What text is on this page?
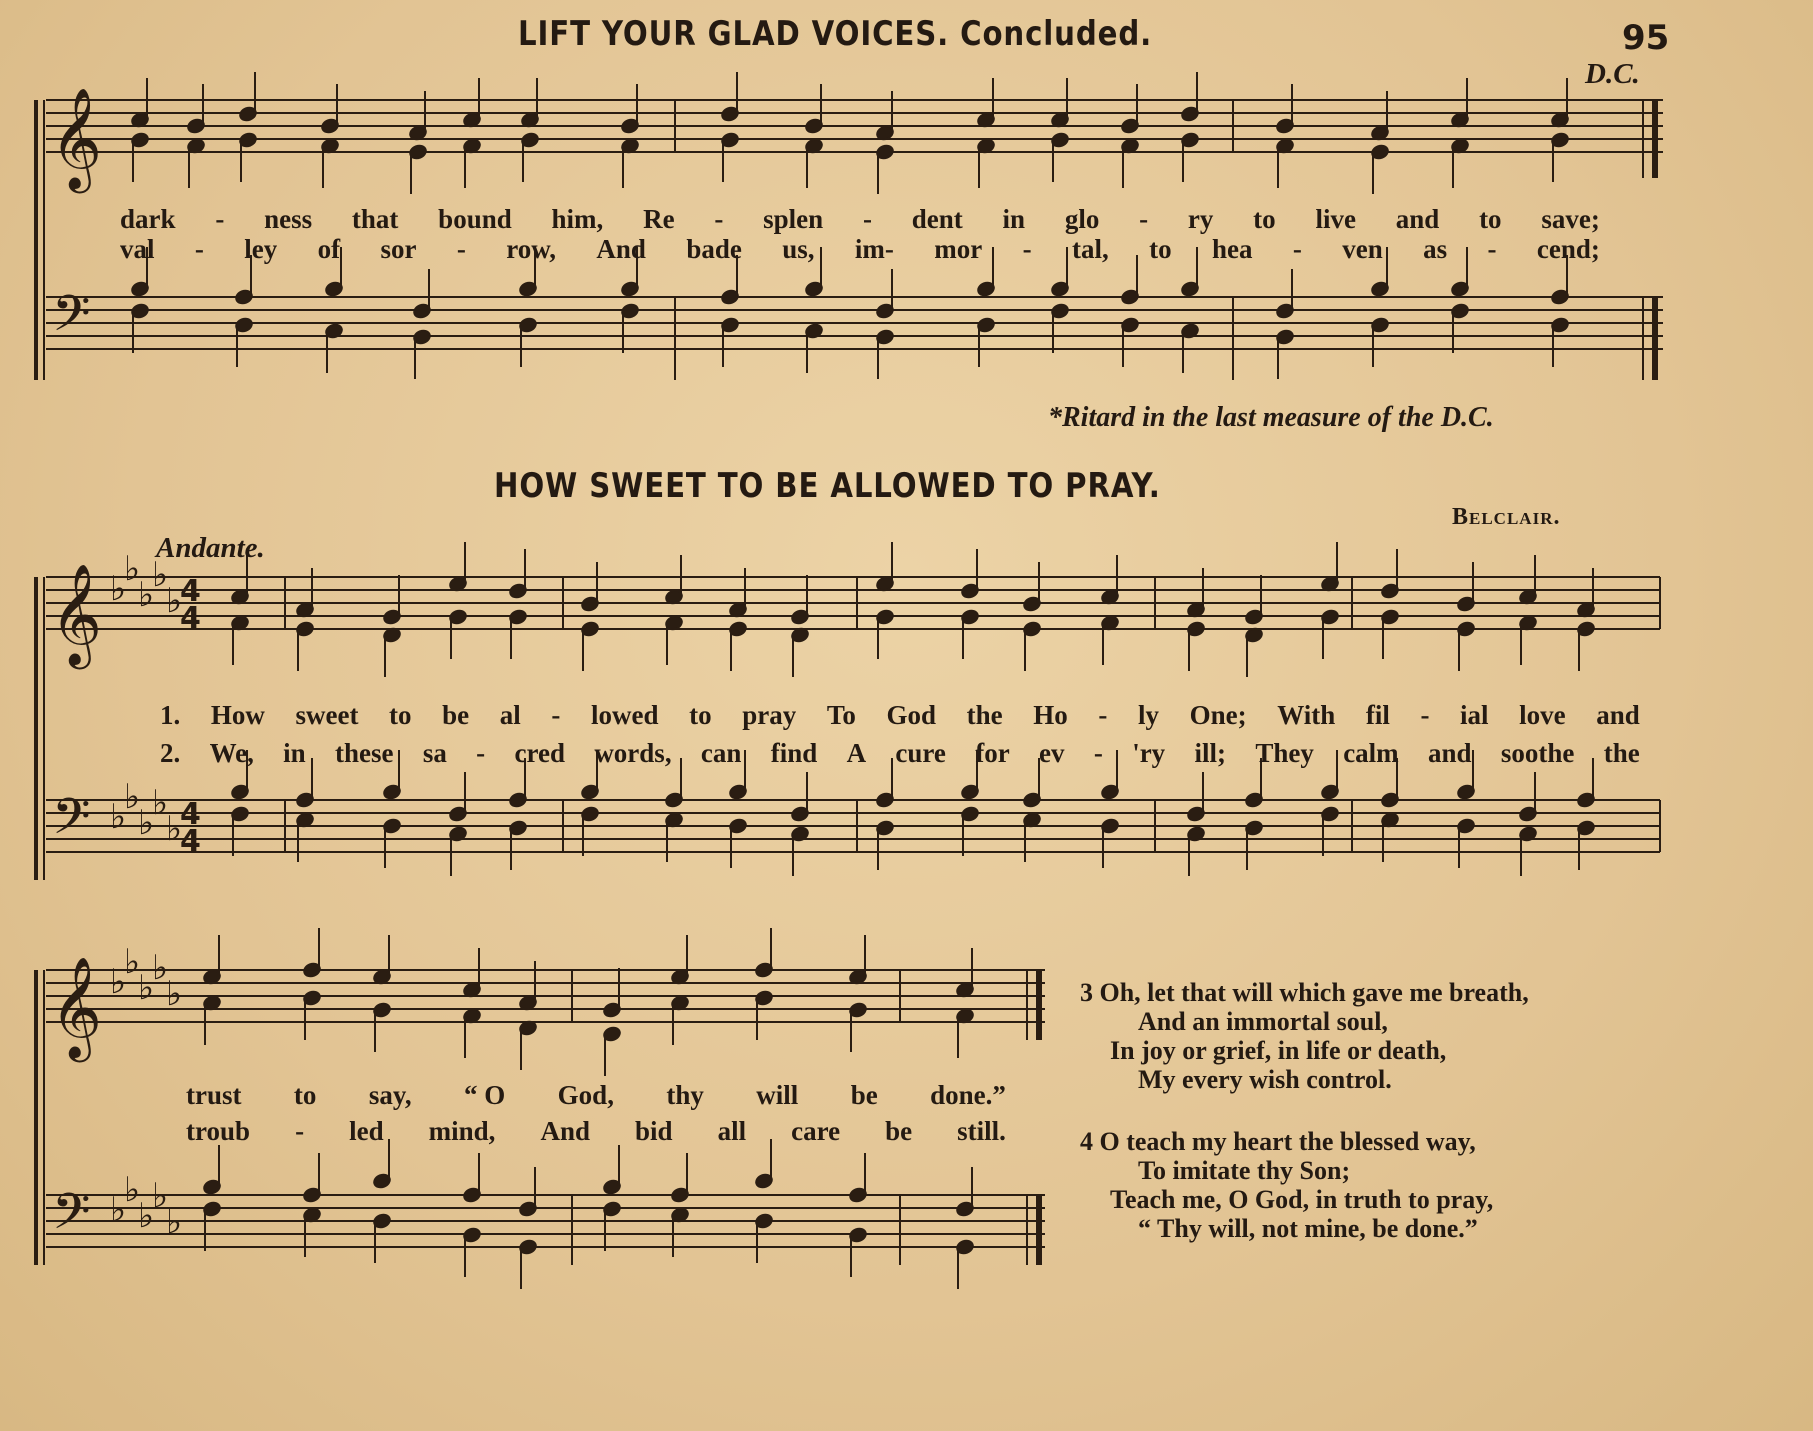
LIFT YOUR GLAD VOICES. Concluded.	95
D.C.
𝄞
𝄢
𝄞
𝄢
𝄞
𝄢
♭
♭
♭
♭
♭
♭
♭
♭
♭
♭
♭
♭
♭
♭
♭
♭
♭
♭
♭
♭
4
4
4
4
dark - ness that bound him, Re - splen - dent in glo - ry to live and to save;
val - ley of sor - row, And bade us, im- mor - tal, to hea - ven as - cend;
*Ritard in the last measure of the D.C.
HOW SWEET TO BE ALLOWED TO PRAY.
Belclair.
Andante.
1. How sweet to be al - lowed to pray To God the Ho - ly One; With fil - ial love and
2. We, in these sa - cred words, can find A cure for ev - 'ry ill; They calm and soothe the
trust to say, “ O God, thy will be done.”
troub - led mind, And bid all care be still.
3 Oh, let that will which gave me breath,
And an immortal soul,
In joy or grief, in life or death,
My every wish control.
4 O teach my heart the blessed way,
To imitate thy Son;
Teach me, O God, in truth to pray,
“ Thy will, not mine, be done.”
